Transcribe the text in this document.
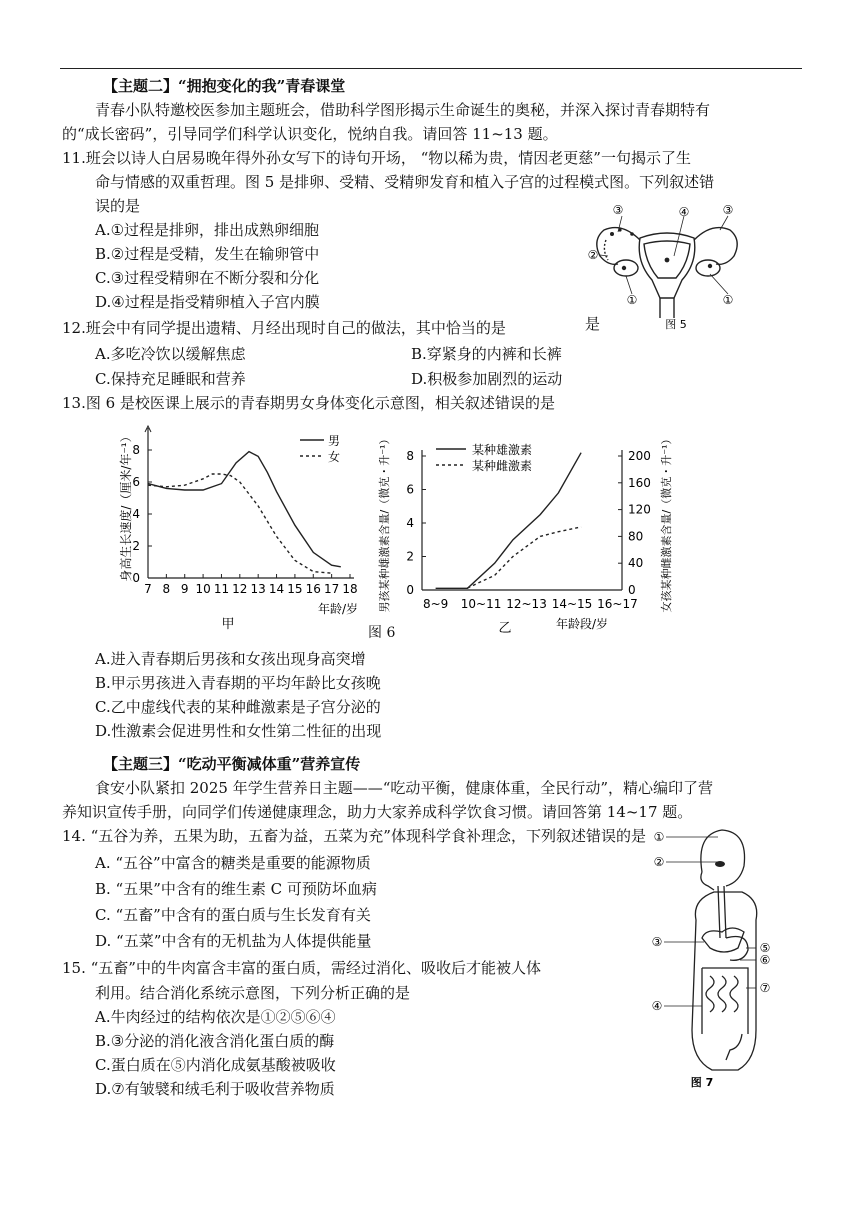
【主题二】“拥抱变化的我”青春课堂
青春小队特邀校医参加主题班会，借助科学图形揭示生命诞生的奥秘，并深入探讨青春期特有
的“成长密码”，引导同学们科学认识变化，悦纳自我。请回答 11~13 题。
11.班会以诗人白居易晚年得外孙女写下的诗句开场， “物以稀为贵，情因老更慈”一句揭示了生
命与情感的双重哲理。图 5 是排卵、受精、受精卵发育和植入子宫的过程模式图。下列叙述错
误的是
A.①过程是排卵，排出成熟卵细胞
B.②过程是受精，发生在输卵管中
C.③过程受精卵在不断分裂和分化
D.④过程是指受精卵植入子宫内膜
③	④	③
②
①	①
图 5
12.班会中有同学提出遗精、月经出现时自己的做法，其中恰当的是	是
A.多吃冷饮以缓解焦虑	B.穿紧身的内裤和长裤
C.保持充足睡眠和营养	D.积极参加剧烈的运动
13.图 6 是校医课上展示的青春期男女身体变化示意图，相关叙述错误的是
0
2
4
6
8
7 8 9 10 11 12 13 14 15 16 17 18
年龄/岁
身高生长速度/（厘米/年⁻¹）	男
女
甲
0
2
4
6
8
0
40
80
120
160
200
8~9 10~11 12~13 14~15 16~17
年龄段/岁
男孩某种雄激素含量/（微克・升⁻¹）	女孩某种雌激素含量/（微克・升⁻¹）
某种雄激素
某种雌激素
乙
图 6
A.进入青春期后男孩和女孩出现身高突增
B.甲示男孩进入青春期的平均年龄比女孩晚
C.乙中虚线代表的某种雌激素是子宫分泌的
D.性激素会促进男性和女性第二性征的出现
【主题三】“吃动平衡减体重”营养宣传
食安小队紧扣 2025 年学生营养日主题——“吃动平衡，健康体重，全民行动”，精心编印了营
养知识宣传手册，向同学们传递健康理念，助力大家养成科学饮食习惯。请回答第 14~17 题。
14. “五谷为养，五果为助，五畜为益，五菜为充”体现科学食补理念，下列叙述错误的是
A. “五谷”中富含的糖类是重要的能源物质
B. “五果”中含有的维生素 C 可预防坏血病
C. “五畜”中含有的蛋白质与生长发育有关
D. “五菜”中含有的无机盐为人体提供能量
15. “五畜”中的牛肉富含丰富的蛋白质，需经过消化、吸收后才能被人体
利用。结合消化系统示意图，下列分析正确的是
A.牛肉经过的结构依次是①②⑤⑥④
B.③分泌的消化液含消化蛋白质的酶
C.蛋白质在⑤内消化成氨基酸被吸收
D.⑦有皱襞和绒毛利于吸收营养物质
①
②
③
④
⑤
⑥
⑦
图 7
